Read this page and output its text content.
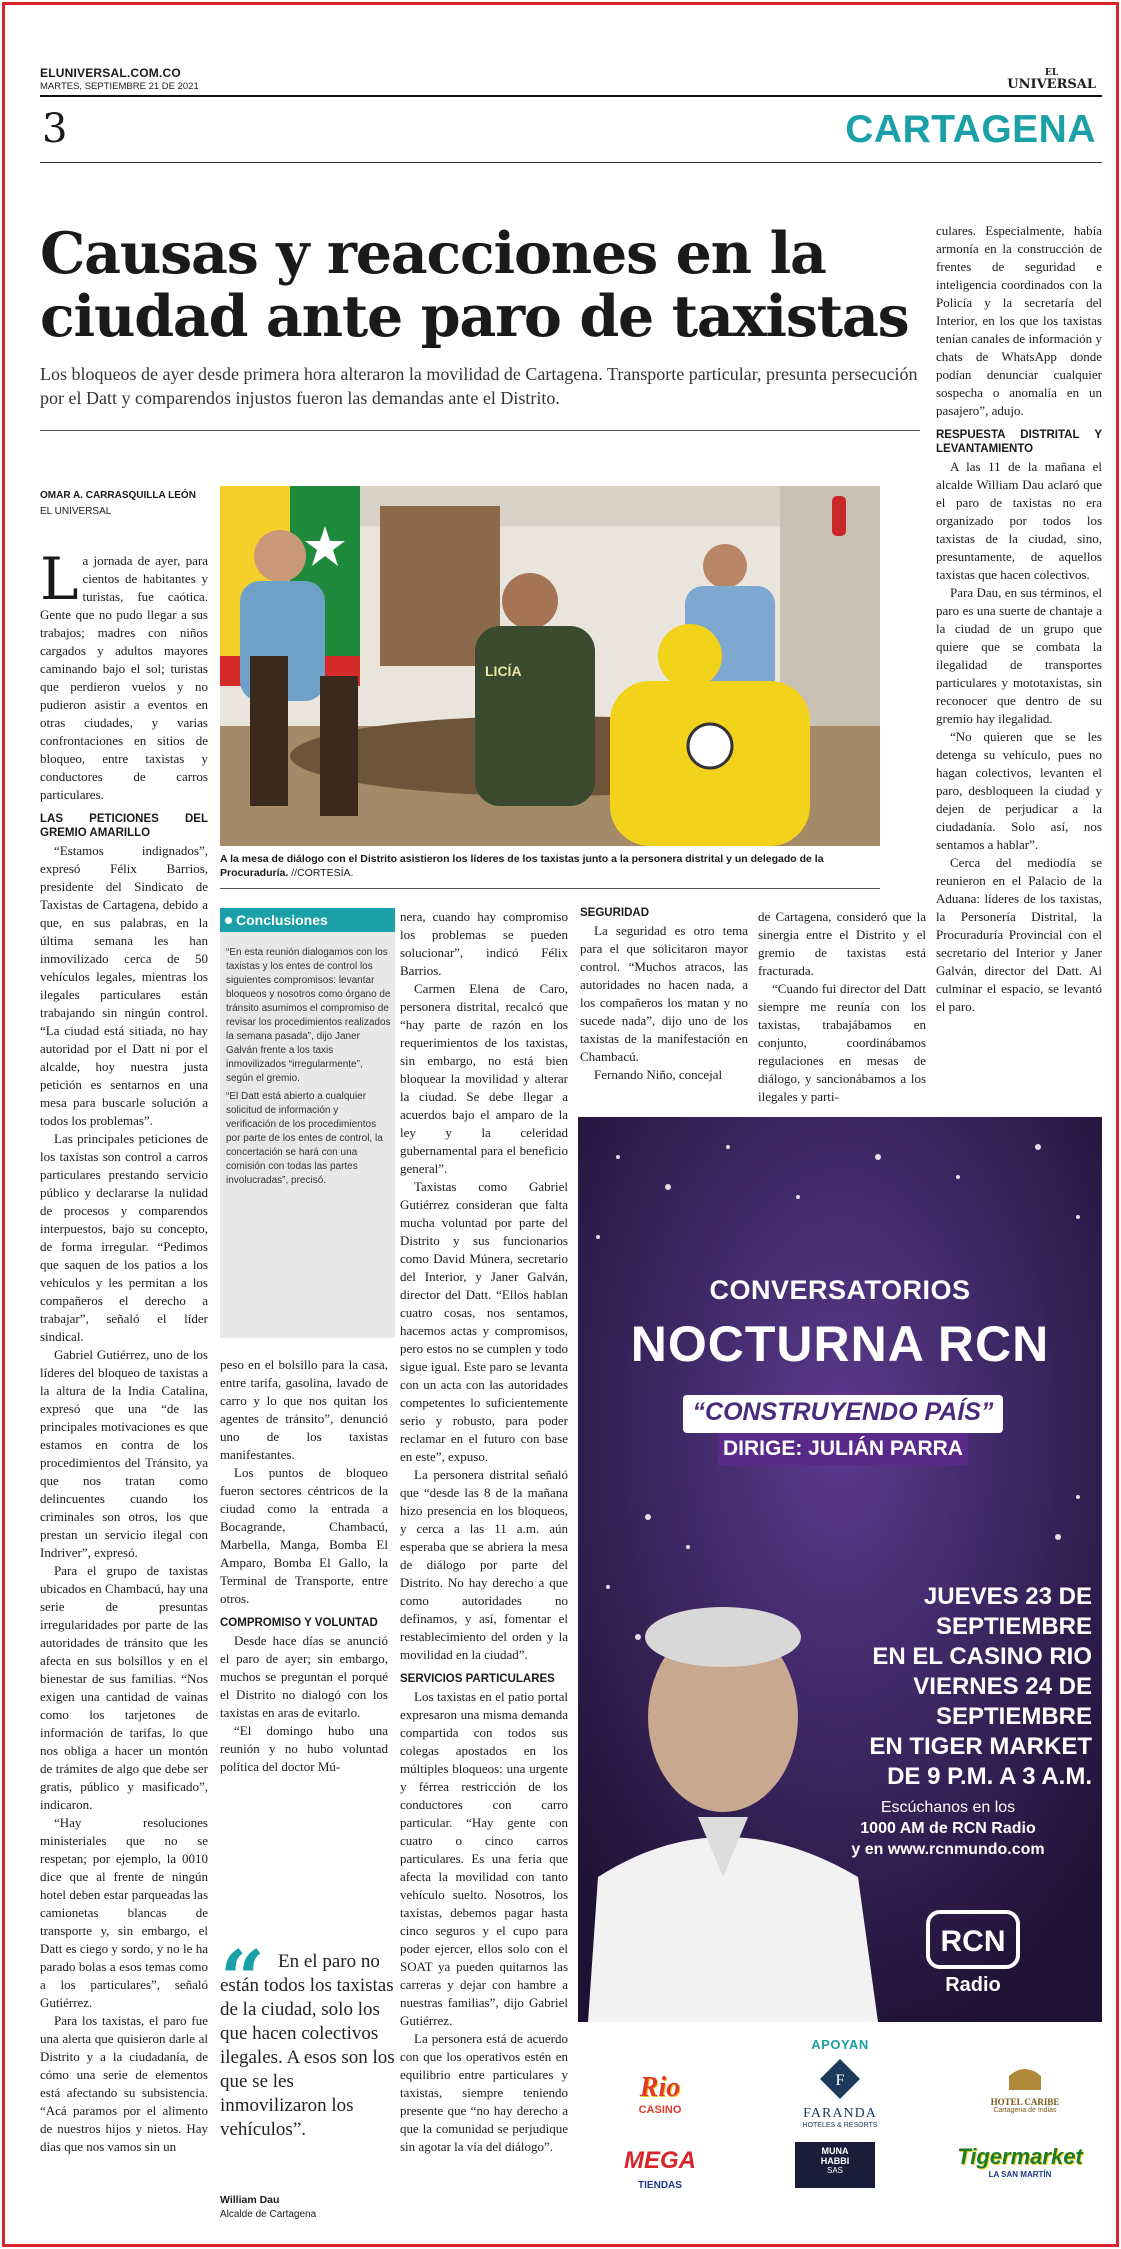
ELUNIVERSAL.COM.CO
MARTES, SEPTIEMBRE 21 DE 2021
EL
UNIVERSAL
3	CARTAGENA
Causas y reacciones en la ciudad ante paro de taxistas
Los bloqueos de ayer desde primera hora alteraron la movilidad de Cartagena. Transporte particular, presunta persecución por el Datt y comparendos injustos fueron las demandas ante el Distrito.
OMAR A. CARRASQUILLA LEÓN
EL UNIVERSAL

La jornada de ayer, para cientos de habitantes y turistas, fue caótica. Gente que no pudo llegar a sus trabajos; madres con niños cargados y adultos mayores caminando bajo el sol; turistas que perdieron vuelos y no pudieron asistir a eventos en otras ciudades, y varias confrontaciones en sitios de bloqueo, entre taxistas y conductores de carros particulares.

LAS PETICIONES DEL GREMIO AMARILLO

“Estamos indignados”, expresó Félix Barrios, presidente del Sindicato de Taxistas de Cartagena, debido a que, en sus palabras, en la última semana les han inmovilizado cerca de 50 vehículos legales, mientras los ilegales particulares están trabajando sin ningún control. “La ciudad está sitiada, no hay autoridad por el Datt ni por el alcalde, hoy nuestra justa petición es sentarnos en una mesa para buscarle solución a todos los problemas”.

Las principales peticiones de los taxistas son control a carros particulares prestando servicio público y declararse la nulidad de procesos y comparendos interpuestos, bajo su concepto, de forma irregular. “Pedimos que saquen de los patios a los vehículos y les permitan a los compañeros el derecho a trabajar”, señaló el líder sindical.

Gabriel Gutiérrez, uno de los líderes del bloqueo de taxistas a la altura de la India Catalina, expresó que una “de las principales motivaciones es que estamos en contra de los procedimientos del Tránsito, ya que nos tratan como delincuentes cuando los criminales son otros, los que prestan un servicio ilegal con Indriver”, expresó.

Para el grupo de taxistas ubicados en Chambacú, hay una serie de presuntas irregularidades por parte de las autoridades de tránsito que les afecta en sus bolsillos y en el bienestar de sus familias. “Nos exigen una cantidad de vainas como los tarjetones de información de tarifas, lo que nos obliga a hacer un montón de trámites de algo que debe ser gratis, público y masificado”, indicaron.

“Hay resoluciones ministeriales que no se respetan; por ejemplo, la 0010 dice que al frente de ningún hotel deben estar parqueadas las camionetas blancas de transporte y, sin embargo, el Datt es ciego y sordo, y no le ha parado bolas a esos temas como a los particulares”, señaló Gutiérrez.

Para los taxistas, el paro fue una alerta que quisieron darle al Distrito y a la ciudadanía, de cómo una serie de elementos está afectando su subsistencia. “Acá paramos por el alimento de nuestros hijos y nietos. Hay días que nos vamos sin un

LICÍA
A la mesa de diálogo con el Distrito asistieron los líderes de los taxistas junto a la personera distrital y un delegado de la Procuraduría. //CORTESÍA.
Conclusiones

“En esta reunión dialogamos con los taxistas y los entes de control los siguientes compromisos: levantar bloqueos y nosotros como órgano de tránsito asumimos el compromiso de revisar los procedimientos realizados la semana pasada”, dijo Janer Galván frente a los taxis inmovilizados “irregularmente”, según el gremio.

“El Datt está abierto a cualquier solicitud de información y verificación de los procedimientos por parte de los entes de control, la concertación se hará con una comisión con todas las partes involucradas”, precisó.

peso en el bolsillo para la casa, entre tarifa, gasolina, lavado de carro y lo que nos quitan los agentes de tránsito”, denunció uno de los taxistas manifestantes.

Los puntos de bloqueo fueron sectores céntricos de la ciudad como la entrada a Bocagrande, Chambacú, Marbella, Manga, Bomba El Amparo, Bomba El Gallo, la Terminal de Transporte, entre otros.

COMPROMISO Y VOLUNTAD

Desde hace días se anunció el paro de ayer; sin embargo, muchos se preguntan el porqué el Distrito no dialogó con los taxistas en aras de evitarlo.

“El domingo hubo una reunión y no hubo voluntad política del doctor Mú-

“ En el paro no están todos los taxistas de la ciudad, solo los que hacen colectivos ilegales. A esos son los que se les inmovilizaron los vehículos”.
William Dau
Alcalde de Cartagena

nera, cuando hay compromiso los problemas se pueden solucionar”, indicó Félix Barrios.

Carmen Elena de Caro, personera distrital, recalcó que “hay parte de razón en los requerimientos de los taxistas, sin embargo, no está bien bloquear la movilidad y alterar la ciudad. Se debe llegar a acuerdos bajo el amparo de la ley y la celeridad gubernamental para el beneficio general”.

Taxistas como Gabriel Gutiérrez consideran que falta mucha voluntad por parte del Distrito y sus funcionarios como David Múnera, secretario del Interior, y Janer Galván, director del Datt. “Ellos hablan cuatro cosas, nos sentamos, hacemos actas y compromisos, pero estos no se cumplen y todo sigue igual. Este paro se levanta con un acta con las autoridades competentes lo suficientemente serio y robusto, para poder reclamar en el futuro con base en este”, expuso.

La personera distrital señaló que “desde las 8 de la mañana hizo presencia en los bloqueos, y cerca a las 11 a.m. aún esperaba que se abriera la mesa de diálogo por parte del Distrito. No hay derecho a que como autoridades no definamos, y así, fomentar el restablecimiento del orden y la movilidad en la ciudad”.

SERVICIOS PARTICULARES

Los taxistas en el patio portal expresaron una misma demanda compartida con todos sus colegas apostados en los múltiples bloqueos: una urgente y férrea restricción de los conductores con carro particular. “Hay gente con cuatro o cinco carros particulares. Es una feria que afecta la movilidad con tanto vehículo suelto. Nosotros, los taxistas, debemos pagar hasta cinco seguros y el cupo para poder ejercer, ellos solo con el SOAT ya pueden quitarnos las carreras y dejar con hambre a nuestras familias”, dijo Gabriel Gutiérrez.

La personera está de acuerdo con que los operativos estén en equilibrio entre particulares y taxistas, siempre teniendo presente que “no hay derecho a que la comunidad se perjudique sin agotar la vía del diálogo”.

SEGURIDAD

La seguridad es otro tema para el que solicitaron mayor control. “Muchos atracos, las autoridades no hacen nada, a los compañeros los matan y no sucede nada”, dijo uno de los taxistas de la manifestación en Chambacú.

Fernando Niño, concejal

de Cartagena, consideró que la sinergia entre el Distrito y el gremio de taxistas está fracturada.

“Cuando fui director del Datt siempre me reunía con los taxistas, trabajábamos en conjunto, coordinábamos regulaciones en mesas de diálogo, y sancionábamos a los ilegales y parti-

culares. Especialmente, había armonía en la construcción de frentes de seguridad e inteligencia coordinados con la Policía y la secretaría del Interior, en los que los taxistas tenían canales de información y chats de WhatsApp donde podían denunciar cualquier sospecha o anomalía en un pasajero”, adujo.

RESPUESTA DISTRITAL Y LEVANTAMIENTO

A las 11 de la mañana el alcalde William Dau aclaró que el paro de taxistas no era organizado por todos los taxistas de la ciudad, sino, presuntamente, de aquellos taxistas que hacen colectivos.

Para Dau, en sus términos, el paro es una suerte de chantaje a la ciudad de un grupo que quiere que se combata la ilegalidad de transportes particulares y mototaxistas, sin reconocer que dentro de su gremio hay ilegalidad.

“No quieren que se les detenga su vehículo, pues no hagan colectivos, levanten el paro, desbloqueen la ciudad y dejen de perjudicar a la ciudadanía. Solo así, nos sentamos a hablar”.

Cerca del mediodía se reunieron en el Palacio de la Aduana: líderes de los taxistas, la Personería Distrital, la Procuraduría Provincial con el secretario del Interior y Janer Galván, director del Datt. Al culminar el espacio, se levantó el paro.

CONVERSATORIOS
NOCTURNA RCN
“CONSTRUYENDO PAÍS”
DIRIGE: JULIÁN PARRA
JUEVES 23 DE SEPTIEMBRE
EN EL CASINO RIO
VIERNES 24 DE SEPTIEMBRE
EN TIGER MARKET
DE 9 P.M. A 3 A.M.
Escúchanos en los
1000 AM de RCN Radio
y en www.rcnmundo.com
RCN
Radio
APOYAN
Rio
CASINO
F
FARANDA
HOTELES & RESORTS
HOTEL CARIBE
Cartagena de Indias
MEGA TIENDAS
MUNA
HABBI
SAS
Tigermarket
LA SAN MARTÍN
